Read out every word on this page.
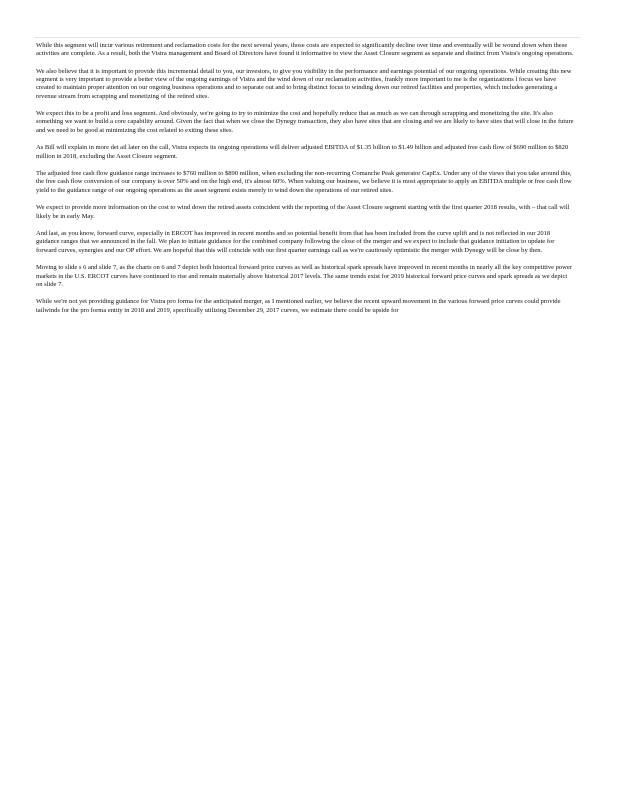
While this segment will incur various retirement and reclamation costs for the next several years, those costs are expected to significantly decline over time and eventually will be wound down when these activities are complete. As a result, both the Vistra management and Board of Directors have found it informative to view the Asset Closure segment as separate and distinct from Vistra's ongoing operations.

We also believe that it is important to provide this incremental detail to you, our investors, to give you visibility in the performance and earnings potential of our ongoing operations. While creating this new segment is very important to provide a better view of the ongoing earnings of Vistra and the wind down of our reclamation activities, frankly more important to me is the organizations l focus we have created to maintain proper attention on our ongoing business operations and to separate out and to bring distinct focus to winding down our retired facilities and properties, which includes generating a revenue stream from scrapping and monetizing of the retired sites.

We expect this to be a profit and loss segment. And obviously, we're going to try to minimize the cost and hopefully reduce that as much as we can through scrapping and monetizing the site. It's also something we want to build a core capability around. Given the fact that when we close the Dynegy transaction, they also have sites that are closing and we are likely to have sites that will close in the future and we need to be good at minimizing the cost related to exiting these sites.

As Bill will explain in more det ail later on the call, Vistra expects its ongoing operations will deliver adjusted EBITDA of $1.35 billion to $1.49 billion and adjusted free cash flow of $690 million to $820 million in 2018, excluding the Asset Closure segment.

The adjusted free cash flow guidance range increases to $760 million to $890 million, when excluding the non-recurring Comanche Peak generator CapEx. Under any of the views that you take around this, the free cash flow conversion of our company is over 50% and on the high end, it's almost 60%. When valuing our business, we believe it is most appropriate to apply an EBITDA multiple or free cash flow yield to the guidance range of our ongoing operations as the asset segment exists merely to wind down the operations of our retired sites.

We expect to provide more information on the cost to wind down the retired assets coincident with the reporting of the Asset Closure segment starting with the first quarter 2018 results, with – that call will likely be in early May.

And last, as you know, forward curve, especially in ERCOT has improved in recent months and so potential benefit from that has been included from the curve uplift and is not reflected in our 2018 guidance ranges that we announced in the fall. We plan to initiate guidance for the combined company following the close of the merger and we expect to include that guidance initiation to update for forward curves, synergies and our OP effort. We are hopeful that this will coincide with our first quarter earnings call as we're cautiously optimistic the merger with Dynegy will be close by then.

Moving to slide s 6 and slide 7, as the charts on 6 and 7 depict both historical forward price curves as well as historical spark spreads have improved in recent months in nearly all the key competitive power markets in the U.S. ERCOT curves have continued to rise and remain materially above historical 2017 levels. The same trends exist for 2019 historical forward price curves and spark spreads as we depict on slide 7.

While we're not yet providing guidance for Vistra pro forma for the anticipated merger, as I mentioned earlier, we believe the recent upward movement in the various forward price curves could provide tailwinds for the pro forma entity in 2018 and 2019, specifically utilizing December 29, 2017 curves, we estimate there could be upside for
